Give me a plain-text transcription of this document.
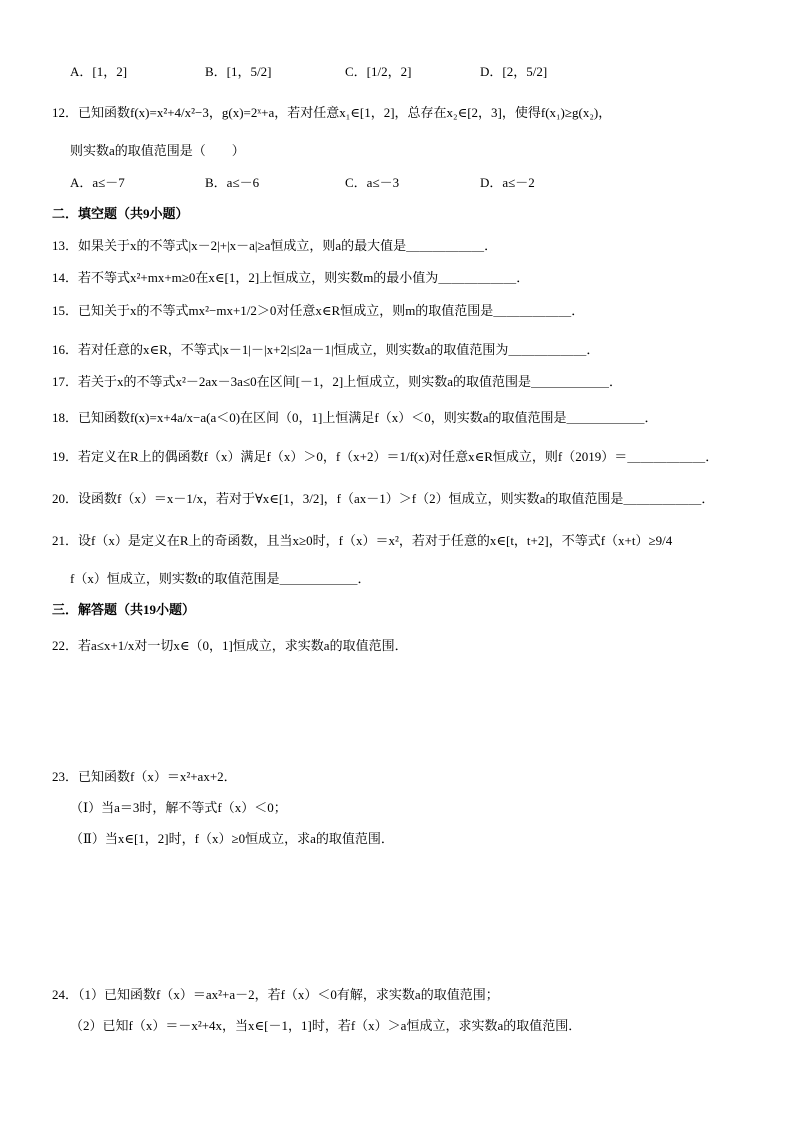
A．[1，2]	B．[1，5/2]	C．[1/2，2]	D．[2，5/2]
12．已知函数f(x)=x²+4/x²−3，g(x)=2ˣ+a，若对任意x₁∈[1，2]，总存在x₂∈[2，3]，使得f(x₁)≥g(x₂)，
则实数a的取值范围是（　　）
A．a≤－7	B．a≤－6	C．a≤－3	D．a≤－2
二．填空题（共9小题）
13．如果关于x的不等式|x－2|+|x－a|≥a恒成立，则a的最大值是＿＿＿＿＿＿．
14．若不等式x²+mx+m≥0在x∈[1，2]上恒成立，则实数m的最小值为＿＿＿＿＿＿．
15．已知关于x的不等式mx²−mx+1/2＞0对任意x∈R恒成立，则m的取值范围是＿＿＿＿＿＿．
16．若对任意的x∈R，不等式|x－1|－|x+2|≤|2a－1|恒成立，则实数a的取值范围为＿＿＿＿＿＿．
17．若关于x的不等式x²－2ax－3a≤0在区间[－1，2]上恒成立，则实数a的取值范围是＿＿＿＿＿＿．
18．已知函数f(x)=x+4a/x−a(a＜0)在区间（0，1]上恒满足f（x）＜0，则实数a的取值范围是＿＿＿＿＿＿．
19．若定义在R上的偶函数f（x）满足f（x）＞0，f（x+2）＝1/f(x)对任意x∈R恒成立，则f（2019）＝＿＿＿＿＿＿．
20．设函数f（x）＝x－1/x，若对于∀x∈[1，3/2]，f（ax－1）＞f（2）恒成立，则实数a的取值范围是＿＿＿＿＿＿．
21．设f（x）是定义在R上的奇函数，且当x≥0时，f（x）＝x²，若对于任意的x∈[t，t+2]，不等式f（x+t）≥9/4
f（x）恒成立，则实数t的取值范围是＿＿＿＿＿＿．
三．解答题（共19小题）
22．若a≤x+1/x对一切x∈（0，1]恒成立，求实数a的取值范围．
23．已知函数f（x）＝x²+ax+2．
（Ⅰ）当a＝3时，解不等式f（x）＜0；
（Ⅱ）当x∈[1，2]时，f（x）≥0恒成立，求a的取值范围．
24．（1）已知函数f（x）＝ax²+a－2，若f（x）＜0有解，求实数a的取值范围；
（2）已知f（x）＝－x²+4x，当x∈[－1，1]时，若f（x）＞a恒成立，求实数a的取值范围．
